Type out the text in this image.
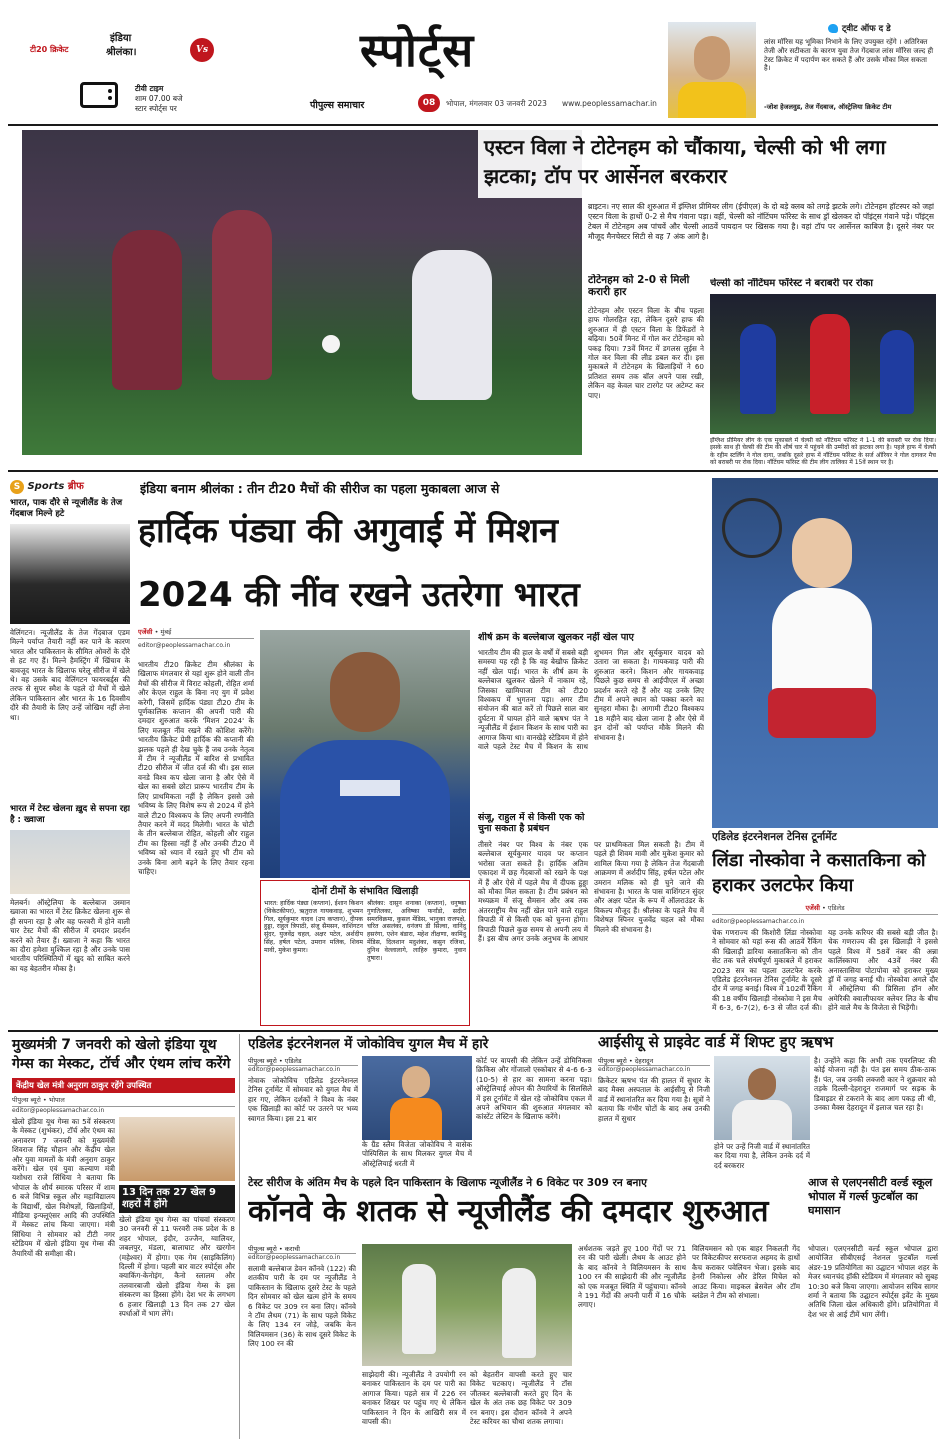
टी20 क्रिकेट
इंडिया
श्रीलंका।	Vs
टीवी टाइम
शाम 07.00 बजे
स्टार स्पोर्ट्स पर
स्पोर्ट्स
पीपुल्स समाचार	08	भोपाल, मंगलवार 03 जनवरी 2023 www.peoplessamachar.in
ट्वीट ऑफ द डे
लांस मॉरिस यह भूमिका निभाने के लिए उपयुक्त रहेंगे । अतिरिक्त तेजी और सटीकता के कारण युवा तेज गेंदबाज लांस मॉरिस जल्द ही टेस्ट क्रिकेट में पदार्पण कर सकते हैं और उसके मौका मिल सकता है।
-जोश हेजलवुड, तेज गेंदबाज, ऑस्ट्रेलिया क्रिकेट टीम
एस्टन विला ने टोटेनहम को चौंकाया, चेल्सी को भी लगा झटका; टॉप पर आर्सेनल बरकरार
ब्राइटन। नए साल की शुरुआत में इंग्लिश प्रीमियर लीग (ईपीएल) के दो बड़े क्लब को तगड़े झटके लगे। टोटेनहम हॉटस्पर को जहां एस्टन विला के हाथों 0-2 से मैच गंवाना पड़ा। वहीं, चेल्सी को नॉटिंघम फॉरेस्ट के साथ ड्रॉ खेलकर दो पॉइंट्स गंवाने पड़े। पॉइंट्स टेबल में टोटेनहम अब पांचवें और चेल्सी आठवें पायदान पर खिसक गया है। वहां टॉप पर आर्सेनल काबिज है। दूसरे नंबर पर मौजूद मैनचेस्टर सिटी से वह 7 अंक आगे है।
टोटेनहम को 2-0 से मिली करारी हार
टोटेनहम और एस्टन विला के बीच पहला हाफ गोलरहित रहा, लेकिन दूसरे हाफ की शुरुआत में ही एस्टन विला के डिफेंडरों ने बढ़िया। 50वें मिनट में गोल कर टोटेनहम को पकड़ दिया। 73वें मिनट में डगलस लुईस ने गोल कर विला की लीड डबल कर दी। इस मुकाबले में टोटेनहम के खिलाड़ियों ने 60 प्रतिशत समय तक बॉल अपने पास रखी, लेकिन वह केवल चार टारगेट पर अटेम्प्ट कर पाए।
चेल्सी को नॉटिंघम फॉरेस्ट ने बराबरी पर रोका
इंग्लिश प्रीमियर लीग के एक मुकाबले में चेल्सी को नॉटिंघम फॉरेस्ट ने 1-1 की बराबरी पर रोक दिया। इसके साथ ही चेल्सी की टीम की शीर्ष चार में पहुंचने की उम्मीदों को झटका लगा है। पहले हाफ में चेल्सी के रहीम स्टर्लिंग ने गोल दागा, जबकि दूसरे हाफ में नॉटिंघम फॉरेस्ट के सर्ज ऑरियर ने गोल दागकर मैच को बराबरी पर रोक दिया। नॉटिंघम फॉरेस्ट की टीम लीग तालिका में 15वें स्थान पर है।
S Sports ब्रीफ
भारत, पाक दौरे से न्यूजीलैंड के तेज गेंदबाज मिल्ने हटे
वेलिंगटन। न्यूजीलैंड के तेज गेंदबाज एडम मिल्ने पर्याप्त तैयारी नहीं कर पाने के कारण भारत और पाकिस्तान के सीमित ओवरों के दौरे से हट गए हैं। मिल्ने हैमस्ट्रिंग में खिंचाव के बावजूद भारत के खिलाफ घरेलू सीरीज में खेले थे। वह उसके बाद वेलिंगटन फायरबर्ड्स की तरफ से सुपर स्मैश के पहले दो मैचों में खेले लेकिन पाकिस्तान और भारत के 16 दिवसीय दौरे की तैयारी के लिए उन्हें जोखिम नहीं लेना था।
भारत में टेस्ट खेलना ख़ुद से सपना रहा है : ख्वाजा
मेलबर्न। ऑस्ट्रेलिया के बल्लेबाज उस्मान ख्वाजा का भारत में टेस्ट क्रिकेट खेलना शुरू से ही सपना रहा है और वह फरवरी में होने वाली चार टेस्ट मैचों की सीरीज में दमदार प्रदर्शन करने को तैयार हैं। ख्वाजा ने कहा कि भारत का दौरा हमेशा मुश्किल रहा है और उनके पास भारतीय परिस्थितियों में खुद को साबित करने का यह बेहतरीन मौका है।
इंडिया बनाम श्रीलंका : तीन टी20 मैचों की सीरीज का पहला मुकाबला आज से
हार्दिक पंड्या की अगुवाई में मिशन
2024 की नींव रखने उतरेगा भारत
एजेंसी • मुंबई
editor@peoplessamachar.co.in
भारतीय टी20 क्रिकेट टीम श्रीलंका के खिलाफ मंगलवार से यहां शुरू होने वाली तीन मैचों की सीरीज में विराट कोहली, रोहित शर्मा और केएल राहुल के बिना नए युग में प्रवेश करेगी, जिसमें हार्दिक पंड्या टी20 टीम के पूर्णकालिक कप्तान की अपनी पारी की दमदार शुरुआत करके 'मिशन 2024' के लिए मजबूत नींव रखने की कोशिश करेंगे। भारतीय क्रिकेट प्रेमी हार्दिक की कप्तानी की झलक पहले ही देख चुके हैं जब उनके नेतृत्व में टीम ने न्यूजीलैंड में बारिश से प्रभावित टी20 सीरीज में जीत दर्ज की थी। इस साल वनडे विश्व कप खेला जाना है और ऐसे में खेल का सबसे छोटा प्रारूप भारतीय टीम के लिए प्राथमिकता नहीं है लेकिन इससे उसे भविष्य के लिए विशेष रूप से 2024 में होने वाले टी20 विश्वकप के लिए अपनी रणनीति तैयार करने में मदद मिलेगी। भारत के चोटी के तीन बल्लेबाज रोहित, कोहली और राहुल टीम का हिस्सा नहीं हैं और उनकी टी20 में भविष्य को ध्यान में रखते हुए भी टीम को उनके बिना आगे बढ़ने के लिए तैयार रहना चाहिए।
दोनों टीमों के संभावित खिलाड़ी
भारत: हार्दिक पंड्या (कप्तान), ईशान किशन (विकेटकीपर), ऋतुराज गायकवाड़, शुभमन गिल, सूर्यकुमार यादव (उप कप्तान), दीपक हुड्डा, राहुल त्रिपाठी, संजू सैमसन, वाशिंगटन सुंदर, युजवेंद्र चहल, अक्षर पटेल, अर्शदीप सिंह, हर्षल पटेल, उमरान मलिक, शिवम मावी, मुकेश कुमार।
श्रीलंका: दासुन शनाका (कप्तान), धनुष्का गुणतिलका, अविष्का फर्नांडो, सदीरा समरविक्रमा, कुसल मेंडिस, भानुका राजपक्षे, चरित असलंका, धनंजय डी सिल्वा, वानिंदु हसरंगा, एशेन बंडारा, महेश तीक्षणा, कामिंदु मेंडिस, दिलशान मदुशंका, कसुन रजिथा, दुनिथ वेल्लालागे, लाहिरु कुमारा, नुवान तुषारा।
शीर्ष क्रम के बल्लेबाज खुलकर नहीं खेल पाए
भारतीय टीम की हाल के वर्षों में सबसे बड़ी समस्या यह रही है कि वह बेखौफ क्रिकेट नहीं खेल पाई। भारत के शीर्ष क्रम के बल्लेबाज खुलकर खेलने में नाकाम रहे, जिसका खामियाजा टीम को टी20 विश्वकप में भुगतना पड़ा। अगर टीम संयोजन की बात करें तो पिछले साल बार दुर्घटना में घायल होने वाले ऋषभ पंत ने न्यूजीलैंड में ईशान किशन के साथ पारी का आगाज किया था। वानखेड़े स्टेडियम में होने वाले पहले टेस्ट मैच में किशन के साथ शुभमन गिल और सूर्यकुमार यादव को उतारा जा सकता है। गायकवाड़ पारी की शुरुआत करने। किशन और गायकवाड़ पिछले कुछ समय से आईपीएल में अच्छा प्रदर्शन करते रहे हैं और यह उनके लिए टीम में अपने स्थान को पक्का करने का सुनहरा मौका है। आगामी टी20 विश्वकप 18 महीने बाद खेला जाना है और ऐसे में इन दोनों को पर्याप्त मौके मिलने की संभावना है।
संजू, राहुल में से किसी एक को चुना सकता है प्रबंधन
तीसरे नंबर पर विश्व के नंबर एक बल्लेबाज सूर्यकुमार यादव पर कप्तान भरोसा जता सकते हैं। हार्दिक अतिम एकादश में छह गेंदबाजों को रखने के पक्ष में हैं और ऐसे में पहले मैच में दीपक हुड्डा को मौका मिल सकता है। टीम प्रबंधन को मध्यक्रम में संजू सैमसन और अब तक अंतरराष्ट्रीय मैच नहीं खेल पाने वाले राहुल त्रिपाठी में से किसी एक को चुनना होगा। त्रिपाठी पिछले कुछ समय से अपनी लय में हैं। इस बीच अगर उनके अनुभव के आधार पर प्राथमिकता मिल सकती है। टीम में पहले ही शिवम मावी और मुकेश कुमार को शामिल किया गया है लेकिन तेज गेंदबाजी आक्रमण में अर्शदीप सिंह, हर्षल पटेल और उमरान मलिक को ही चुने जाने की संभावना है। भारत के पास वाशिंगटन सुंदर और अक्षर पटेल के रूप में ऑलराउंडर के विकल्प मौजूद हैं। श्रीलंका के पहले मैच में विशेषज्ञ स्पिनर युजवेंद्र चहल को मौका मिलने की संभावना है।
एडिलेड इंटरनेशनल टेनिस टूर्नामेंट
लिंडा नोस्कोवा ने कसातकिना को हराकर उलटफेर किया
एजेंसी • एडिलेड
editor@peoplessamachar.co.in
चेक गणराज्य की किशोरी लिंडा नोस्कोवा ने सोमवार को यहां रूस की आठवें रैंकिंग की खिलाड़ी डारिया कसातकिना को तीन सेट तक चले संघर्षपूर्ण मुकाबले में हराकर 2023 सत्र का पहला उलटफेर करके एडिलेड इंटरनेशनल टेनिस टूर्नामेंट के दूसरे दौर में जगह बनाई। विश्व में 102वीं रैंकिंग की 18 वर्षीय खिलाड़ी नोस्कोवा ने इस मैच में 6-3, 6-7(2), 6-3 से जीत दर्ज की। यह उनके करियर की सबसे बड़ी जीत है। चेक गणराज्य की इस खिलाड़ी ने इससे पहले विश्व में 58वें नंबर की अन्ना कालिंस्काया और 43वें नंबर की अनास्तासिया पोटापोवा को हराकर मुख्य ड्रॉ में जगह बनाई थी। नोस्कोवा अगले दौर में ऑस्ट्रेलिया की प्रिसिला हॉन और अमेरिकी क्वालीफायर क्लेयर लिउ के बीच होने वाले मैच के विजेता से भिड़ेंगी।
मुख्यमंत्री 7 जनवरी को खेलो इंडिया यूथ गेम्स का मेस्कट, टॉर्च और एंथम लांच करेंगे
केंद्रीय खेल मंत्री अनुराग ठाकुर रहेंगे उपस्थित
पीपुल्स ब्यूरो • भोपाल
editor@peoplessamachar.co.in
खेलो इंडिया यूथ गेम्स का 5वें संस्करण के मेस्कट (शुभंकर), टॉर्च और एंथम का अनावरण 7 जनवरी को मुख्यमंत्री शिवराज सिंह चौहान और केंद्रीय खेल और युवा मामलों के मंत्री अनुराग ठाकुर करेंगे। खेल एवं युवा कल्याण मंत्री यशोधरा राजे सिंधिया ने बताया कि भोपाल के शौर्य स्मारक परिसर में शाम 6 बजे विभिन्न स्कूल और महाविद्यालय के विद्यार्थी, खेल विशेषज्ञों, खिलाड़ियों, मीडिया इन्फ्लूएंसर आदि की उपस्थिति में मेस्कट लांच किया जाएगा। मंत्री सिंधिया ने सोमवार को टीटी नगर स्टेडियम में खेलो इंडिया यूथ गेम्स की तैयारियों की समीक्षा की।
13 दिन तक 27 खेल 9 शहरों में होंगे
खेलो इंडिया यूथ गेम्स का पांचवां संस्करण 30 जनवरी से 11 फरवरी तक प्रदेश के 8 शहर भोपाल, इंदौर, उज्जैन, ग्वालियर, जबलपुर, मंडला, बालाघाट और खरगोन (महेश्वर) में होगा। एक गेम (साइकिलिंग) दिल्ली में होगा। पहली बार वाटर स्पोर्ट्स और क्याकिंग-केनोइंग, कैनो स्लालम और तलवारबाजी खेलो इंडिया गेम्स के इस संस्करण का हिस्सा होंगे। देश भर के लगभग 6 हजार खिलाड़ी 13 दिन तक 27 खेल स्पर्धाओं में भाग लेंगे।
एडिलेड इंटरनेशनल में जोकोविच युगल मैच में हारे
पीपुल्स ब्यूरो • एडिलेड
editor@peoplessamachar.co.in
नोवाक जोकोविच एडिलेड इंटरनेशनल टेनिस टूर्नामेंट में सोमवार को युगल मैच में हार गए, लेकिन दर्शकों ने विश्व के नंबर एक खिलाड़ी का कोर्ट पर उतरने पर भव्य स्वागत किया। इस 21 बार
के ग्रैंड स्लैम विजेता जोकोविच ने वासेक पोस्पिसिल के साथ मिलकर युगल मैच में ऑस्ट्रेलियाई धरती में
कोर्ट पर वापसी की लेकिन उन्हें डोमिनिकस क्रिकिस और गोंजालो एस्कोबार से 4-6 6-3 (10-5) से हार का सामना करना पड़ा। ऑस्ट्रेलियाई ओपन की तैयारियों के सिलसिले में इस टूर्नामेंट में खेल रहे जोकोविच एकल में अपने अभियान की शुरुआत मंगलवार को कांस्टेंट लेस्टिन के खिलाफ करेंगे।
आईसीयू से प्राइवेट वार्ड में शिफ्ट हुए ऋषभ
पीपुल्स ब्यूरो • देहरादून
editor@peoplessamachar.co.in
क्रिकेटर ऋषभ पंत की हालत में सुधार के बाद मैक्स अस्पताल के आईसीयू से निजी वार्ड में स्थानांतरित कर दिया गया है। सूत्रों ने बताया कि गंभीर चोटों के बाद अब उनकी हालत में सुधार
होने पर उन्हें निजी वार्ड में स्थानांतरित कर दिया गया है, लेकिन उनके दर्द में दर्द बरकरार
है। उन्होंने कहा कि अभी तक एयरलिफ्ट की कोई योजना नहीं है। पंत इस समय ठीक-ठाक हैं। पंत, जब उनकी लक्जरी कार ने शुक्रवार को तड़के दिल्ली-देहरादून राजमार्ग पर सड़क के डिवाइडर से टकराने के बाद आग पकड़ ली थी, उनका मैक्स देहरादून में इलाज चल रहा है।
टेस्ट सीरीज के अंतिम मैच के पहले दिन पाकिस्तान के खिलाफ न्यूजीलैंड ने 6 विकेट पर 309 रन बनाए
कॉनवे के शतक से न्यूजीलैंड की दमदार शुरुआत
पीपुल्स ब्यूरो • कराची
editor@peoplessamachar.co.in
सलामी बल्लेबाज डेवन कॉनवे (122) की शतकीय पारी के दम पर न्यूजीलैंड ने पाकिस्तान के खिलाफ दूसरे टेस्ट के पहले दिन सोमवार को खेल खत्म होने के समय 6 विकेट पर 309 रन बना लिए। कॉनवे ने टॉम लैथम (71) के साथ पहले विकेट के लिए 134 रन जोड़े, जबकि केन विलियमसन (36) के साथ दूसरे विकेट के लिए 100 रन की
साझेदारी की। न्यूजीलैंड ने उपयोगी रन बनाकर पाकिस्तान के दम पर पारी का आगाज किया। पहले सत्र में 226 रन बनाकर शिखर पर पहुंच गए थे लेकिन पाकिस्तान ने दिन के आखिरी सत्र में वापसी की।
को बेहतरीन वापसी करते हुए चार विकेट चटकाए। न्यूजीलैंड ने टॉस जीतकर बल्लेबाजी करते हुए दिन के खेल के अंत तक छह विकेट पर 309 रन बनाए। इस दौरान कॉनवे ने अपने टेस्ट करियर का चौथा शतक लगाया।
अर्धशतक जड़ते हुए 100 गेंदों पर 71 रन की पारी खेली। लैथम के आउट होने के बाद कॉनवे ने विलियमसन के साथ 100 रन की साझेदारी की और न्यूजीलैंड को एक मजबूत स्थिति में पहुंचाया। कॉनवे ने 191 गेंदों की अपनी पारी में 16 चौके लगाए।
विलियमसन को एक बाहर निकलती गेंद पर विकेटकीपर सरफराज अहमद के हाथों कैच कराकर पवेलियन भेजा। इसके बाद हेनरी निकोल्स और डेरिल मिचेल को आउट किया। माइकल ब्रेसवेल और टॉम ब्लंडेल ने टीम को संभाला।
आज से एलएनसीटी वर्ल्ड स्कूल भोपाल में गर्ल्स फुटबॉल का घमासान
भोपाल। एलएनसीटी वर्ल्ड स्कूल भोपाल द्वारा आयोजित सीबीएसई नेशनल फुटबॉल गर्ल्स अंडर-19 प्रतियोगिता का उद्घाटन भोपाल शहर के मेजर ध्यानचंद हॉकी स्टेडियम में मंगलवार को सुबह 10:30 बजे किया जाएगा। आयोजन सचिव सागर शर्मा ने बताया कि उद्घाटन स्पोर्ट्स इवेंट के मुख्य अतिथि जिला खेल अधिकारी होंगे। प्रतियोगिता में देश भर से आई टीमें भाग लेंगी।
